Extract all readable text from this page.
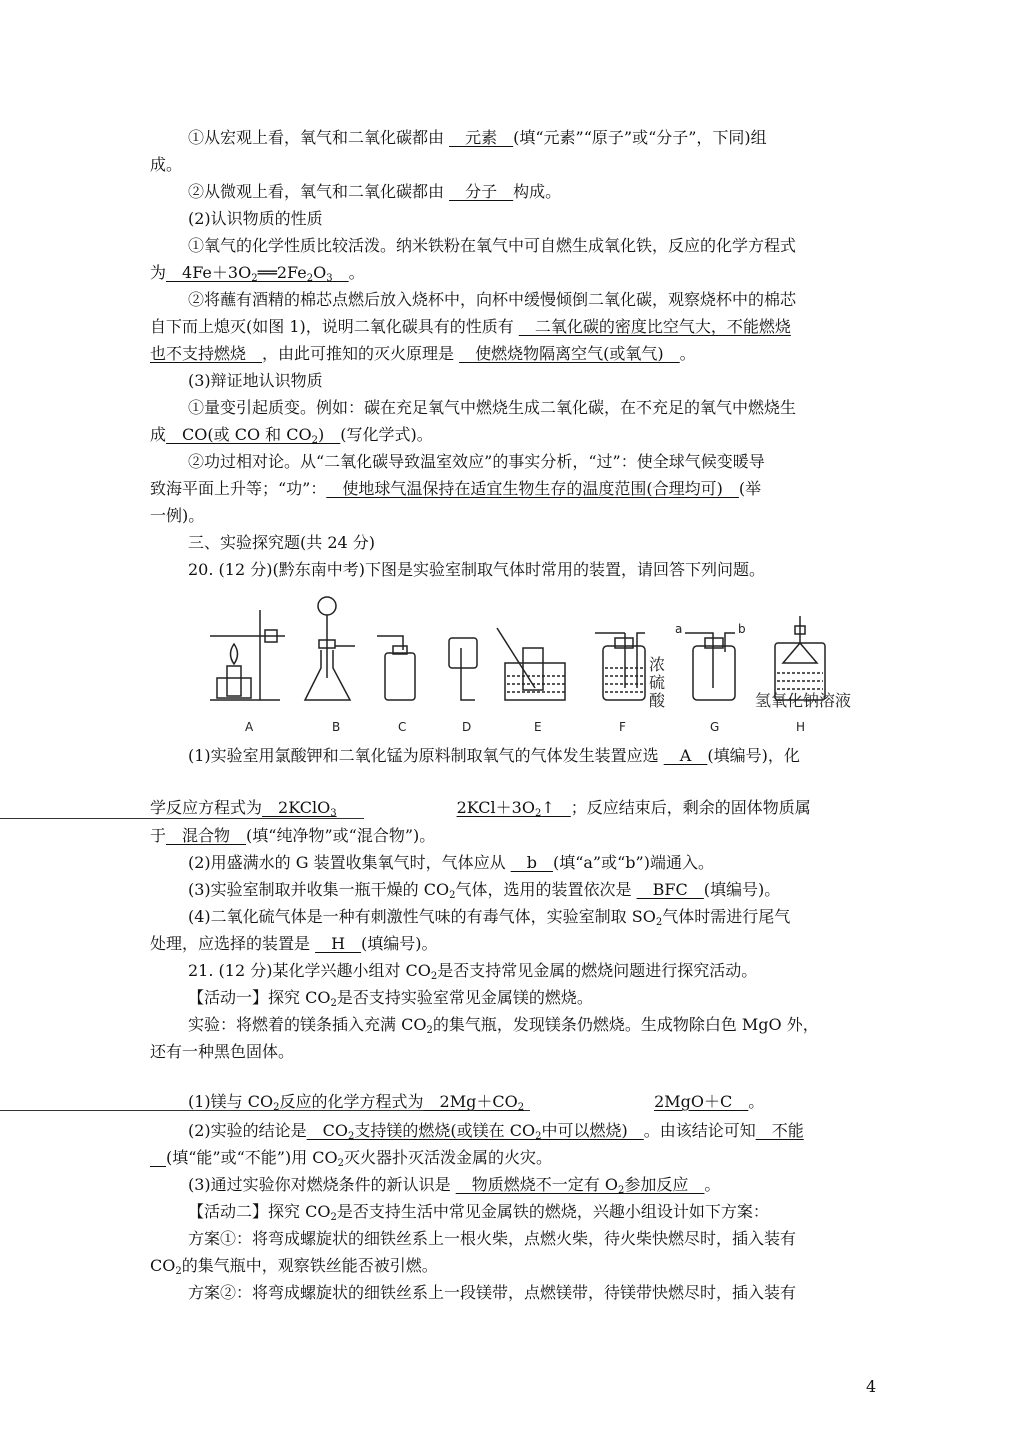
①从宏观上看，氧气和二氧化碳都由 __元素__(填“元素”“原子”或“分子”，下同)组
成。
②从微观上看，氧气和二氧化碳都由 __分子__构成。
(2)认识物质的性质
①氧气的化学性质比较活泼。纳米铁粉在氧气中可自燃生成氧化铁，反应的化学方程式
为$\_\_4Fe+3O_2══2Fe_2O_3\_\_$。
②将蘸有酒精的棉芯点燃后放入烧杯中，向杯中缓慢倾倒二氧化碳，观察烧杯中的棉芯
自下而上熄灭(如图 1)，说明二氧化碳具有的性质有 __二氧化碳的密度比空气大，不能燃烧
也不支持燃烧__，由此可推知的灭火原理是 __使燃烧物隔离空气(或氧气)__。
(3)辩证地认识物质
①量变引起质变。例如：碳在充足氧气中燃烧生成二氧化碳，在不充足的氧气中燃烧生
成__CO(或 CO 和 $CO_2)\_\_$(写化学式)。
②功过相对论。从“二氧化碳导致温室效应”的事实分析，“过”：使全球气候变暖导
致海平面上升等；“功”：__使地球气温保持在适宜生物生存的温度范围(合理均可)__(举
一例)。
三、实验探究题(共 24 分)
20. (12 分)(黔东南中考)下图是实验室制取气体时常用的装置，请回答下列问题。
浓
硫
酸
a	b
氢氧化钠溶液
A	B	C	D	E	F	G	H
(1)实验室用氯酸钾和二氧化锰为原料制取氧气的气体发生装置应选 __A__(填编号)，化
学反应方程式为__2KClO$_3$	$2KCl+3O_2↑\_\_$；反应结束后，剩余的固体物质属
于__混合物__(填“纯净物”或“混合物”)。
(2)用盛满水的 G 装置收集氧气时，气体应从 __b__(填“a”或“b”)端通入。
(3)实验室制取并收集一瓶干燥的 $CO_2$气体，选用的装置依次是 __BFC__(填编号)。
(4)二氧化硫气体是一种有刺激性气味的有毒气体，实验室制取 $SO_2$气体时需进行尾气
处理，应选择的装置是 __H__(填编号)。
21. (12 分)某化学兴趣小组对 $CO_2$是否支持常见金属的燃烧问题进行探究活动。
【活动一】探究 $CO_2$是否支持实验室常见金属镁的燃烧。
实验：将燃着的镁条插入充满 $CO_2$的集气瓶，发现镁条仍燃烧。生成物除白色 MgO 外，
还有一种黑色固体。
(1)镁与 $CO_2$反应的化学方程式为$\_\_2Mg+CO_2$	2MgO＋C__。
(2)实验的结论是$\_\_CO_2$支持镁的燃烧(或镁在 $CO_2$中可以燃烧)__。由该结论可知__不能
__(填“能”或“不能”)用 $CO_2$灭火器扑灭活泼金属的火灾。
(3)通过实验你对燃烧条件的新认识是 __物质燃烧不一定有 $O_2$参加反应__。
【活动二】探究 $CO_2$是否支持生活中常见金属铁的燃烧，兴趣小组设计如下方案：
方案①：将弯成螺旋状的细铁丝系上一根火柴，点燃火柴，待火柴快燃尽时，插入装有
$CO_2$的集气瓶中，观察铁丝能否被引燃。
方案②：将弯成螺旋状的细铁丝系上一段镁带，点燃镁带，待镁带快燃尽时，插入装有
4
